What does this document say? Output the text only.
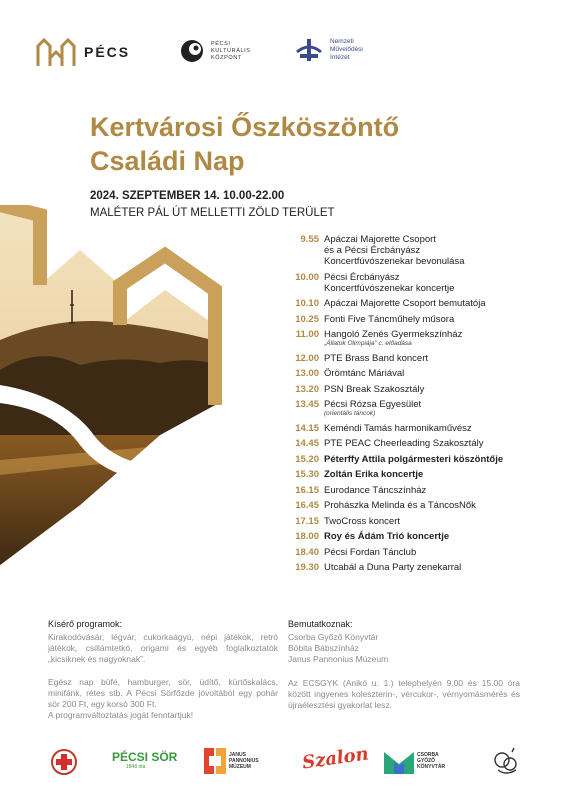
PÉCS
PÉCSI
KULTURÁLIS
KÖZPONT
Nemzeti
Művelődési
Intézet
Kertvárosi Őszköszöntő
Családi Nap
2024. SZEPTEMBER 14. 10.00-22.00
MALÉTER PÁL ÚT MELLETTI ZÖLD TERÜLET
9.55 Apáczai Majorette Csoport
és a Pécsi Ércbányász
Koncertfúvószenekar bevonulása
10.00 Pécsi Ércbányász
Koncertfúvószenekar koncertje
10.10 Apáczai Majorette Csoport bemutatója
10.25 Fonti Five Táncműhely műsora
11.00 Hangoló Zenés Gyermekszínház
„Állatok Olimpiája” c. előadása
12.00 PTE Brass Band koncert
13.00 Örömtánc Máriával
13.20 PSN Break Szakosztály
13.45 Pécsi Rózsa Egyesület
(orientális táncok)
14.15 Keméndi Tamás harmonikaművész
14.45 PTE PEAC Cheerleading Szakosztály
15.20 Péterffy Attila polgármesteri köszöntője
15.30 Zoltán Erika koncertje
16.15 Eurodance Táncszínház
16.45 Prohászka Melinda és a TáncosNők
17.15 TwoCross koncert
18.00 Roy és Ádám Trió koncertje
18.40 Pécsi Fordan Tánclub
19.30 Utcabál a Duna Party zenekarral
Kísérő programok:
Kirakodóvásár, légvár, cukorkaágyú, népi játékok, retró játékok, csillámtetkó, origami és egyéb foglalkoztatók „kicsiknek és nagyoknak”.
Egész nap büfé, hamburger, sör, üdítő, kürtőskalács, minifánk, rétes stb. A Pécsi Sörfőzde jóvoltából egy pohár sör 200 Ft, egy korsó 300 Ft.
A programváltoztatás jogát fenntartjuk!
Bemutatkoznak:
Csorba Győző Könyvtár
Bóbita Bábszínház
Janus Pannonius Múzeum
Az ECSGYK (Anikó u. 1.) telephelyén 9.00 és 15.00 óra között ingyenes koleszterin-, vércukor-, vérnyomásmérés és újraélesztési gyakorlat lesz.
PÉCSI SÖR
1848 óta
JANUS
PANNONIUS
MÚZEUM	Szalon	CSORBA
GYŐZŐ
KÖNYVTÁR
